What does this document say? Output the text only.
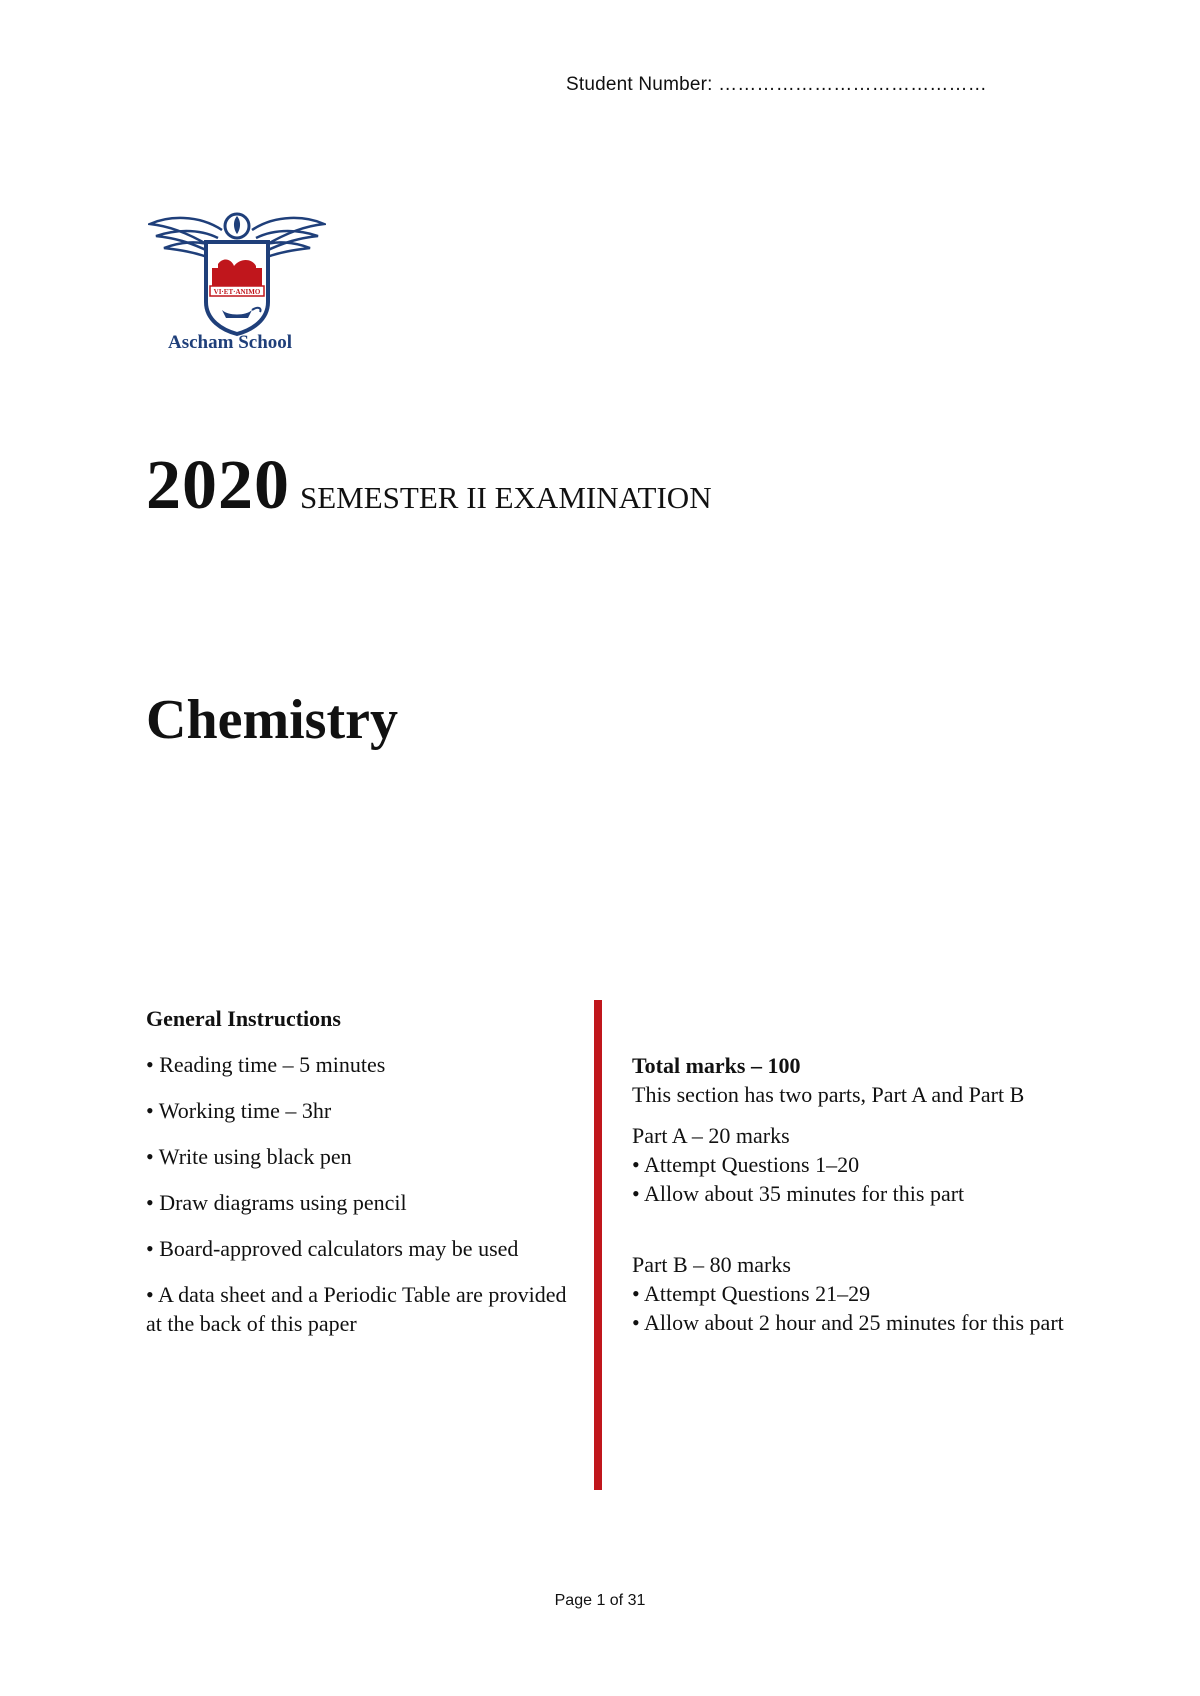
Student Number: ……………………………………
VI·ET·ANIMO
Ascham School
2020 SEMESTER II EXAMINATION
Chemistry
General Instructions
• Reading time – 5 minutes
• Working time – 3hr
• Write using black pen
• Draw diagrams using pencil
• Board-approved calculators may be used
• A data sheet and a Periodic Table are provided at the back of this paper
Total marks – 100
This section has two parts, Part A and Part B
Part A – 20 marks
• Attempt Questions 1–20
• Allow about 35 minutes for this part
Part B – 80 marks
• Attempt Questions 21–29
• Allow about 2 hour and 25 minutes for this part
Page 1 of 31
